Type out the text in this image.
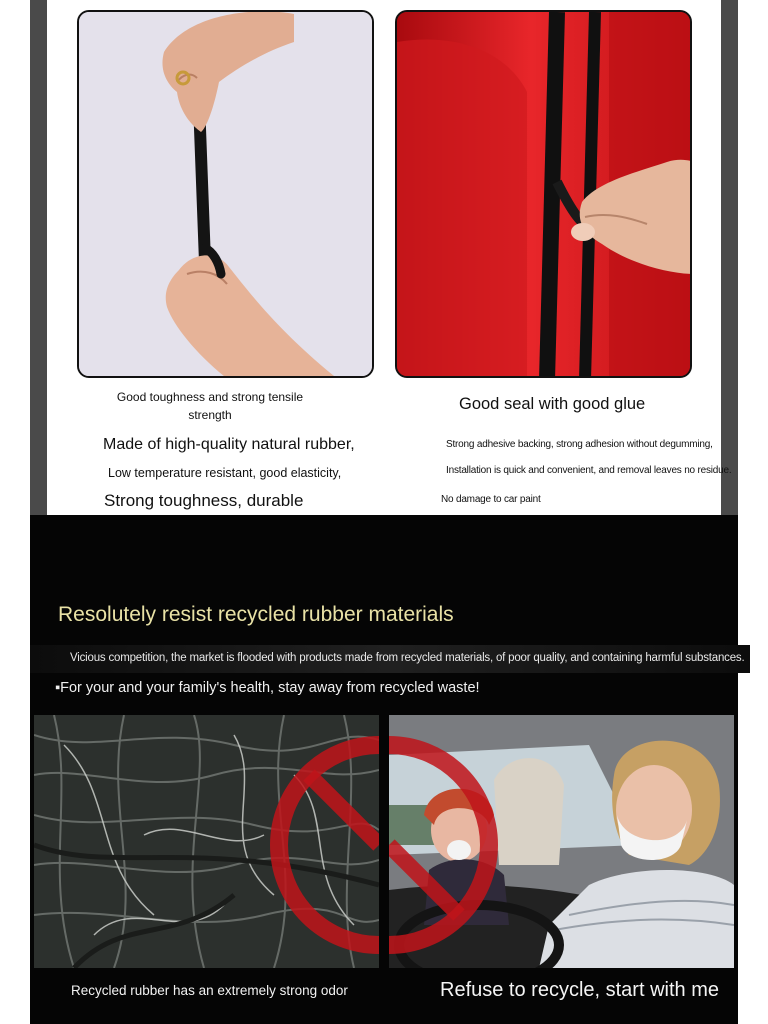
Good toughness and strong tensile strength
Made of high-quality natural rubber,
Low temperature resistant, good elasticity,
Strong toughness, durable
Good seal with good glue
Strong adhesive backing, strong adhesion without degumming,
Installation is quick and convenient, and removal leaves no residue.
No damage to car paint
Resolutely resist recycled rubber materials
Vicious competition, the market is flooded with products made from recycled materials, of poor quality, and containing harmful substances.
▪For your and your family's health, stay away from recycled waste!
Recycled rubber has an extremely strong odor	Refuse to recycle, start with me
